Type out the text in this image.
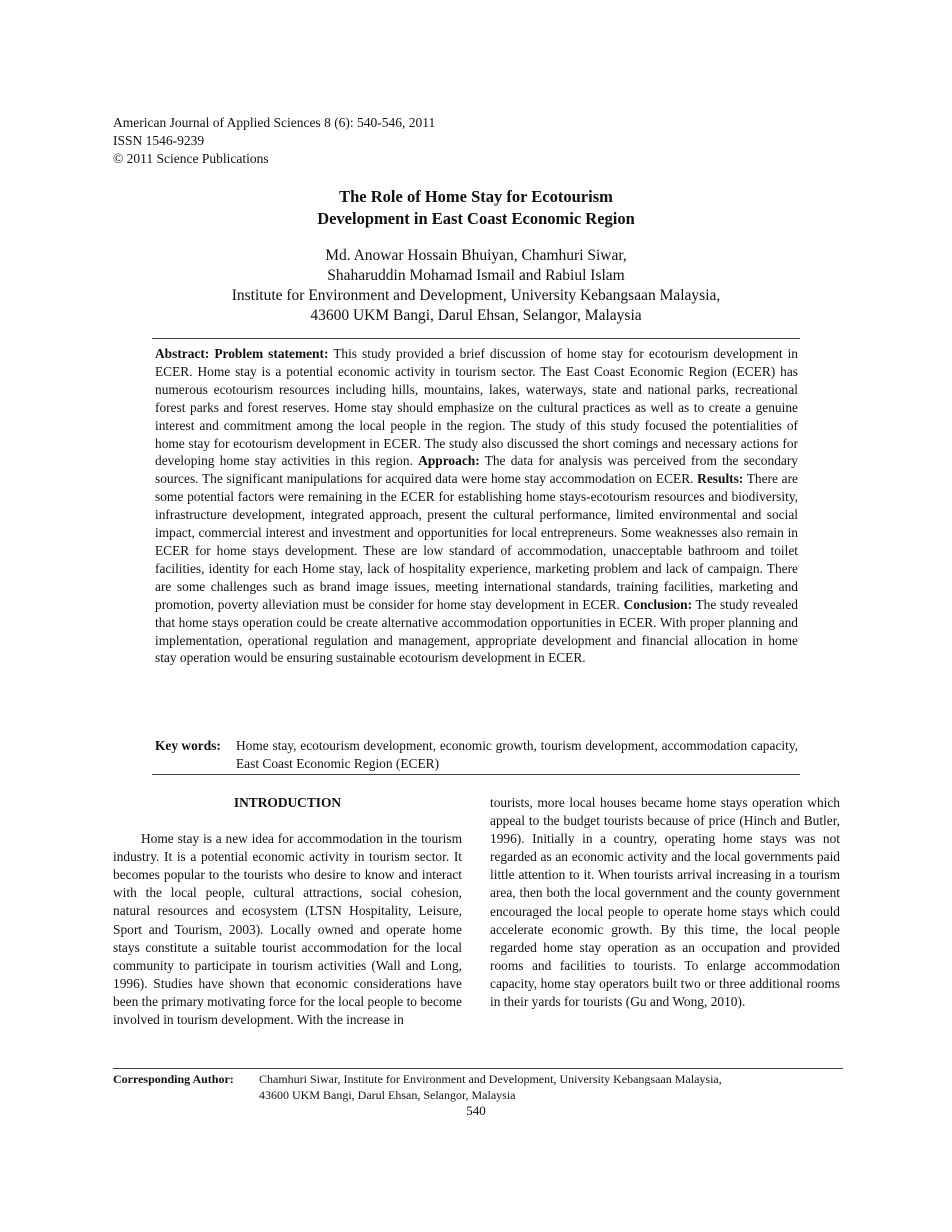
American Journal of Applied Sciences 8 (6): 540-546, 2011
ISSN 1546-9239
© 2011 Science Publications
The Role of Home Stay for Ecotourism
Development in East Coast Economic Region
Md. Anowar Hossain Bhuiyan, Chamhuri Siwar,
Shaharuddin Mohamad Ismail and Rabiul Islam
Institute for Environment and Development, University Kebangsaan Malaysia,
43600 UKM Bangi, Darul Ehsan, Selangor, Malaysia
Abstract: Problem statement: This study provided a brief discussion of home stay for ecotourism development in ECER. Home stay is a potential economic activity in tourism sector. The East Coast Economic Region (ECER) has numerous ecotourism resources including hills, mountains, lakes, waterways, state and national parks, recreational forest parks and forest reserves. Home stay should emphasize on the cultural practices as well as to create a genuine interest and commitment among the local people in the region. The study of this study focused the potentialities of home stay for ecotourism development in ECER. The study also discussed the short comings and necessary actions for developing home stay activities in this region. Approach: The data for analysis was perceived from the secondary sources. The significant manipulations for acquired data were home stay accommodation on ECER. Results: There are some potential factors were remaining in the ECER for establishing home stays-ecotourism resources and biodiversity, infrastructure development, integrated approach, present the cultural performance, limited environmental and social impact, commercial interest and investment and opportunities for local entrepreneurs. Some weaknesses also remain in ECER for home stays development. These are low standard of accommodation, unacceptable bathroom and toilet facilities, identity for each Home stay, lack of hospitality experience, marketing problem and lack of campaign. There are some challenges such as brand image issues, meeting international standards, training facilities, marketing and promotion, poverty alleviation must be consider for home stay development in ECER. Conclusion: The study revealed that home stays operation could be create alternative accommodation opportunities in ECER. With proper planning and implementation, operational regulation and management, appropriate development and financial allocation in home stay operation would be ensuring sustainable ecotourism development in ECER.
Key words: Home stay, ecotourism development, economic growth, tourism development, accommodation capacity, East Coast Economic Region (ECER)
INTRODUCTION
Home stay is a new idea for accommodation in the tourism industry. It is a potential economic activity in tourism sector. It becomes popular to the tourists who desire to know and interact with the local people, cultural attractions, social cohesion, natural resources and ecosystem (LTSN Hospitality, Leisure, Sport and Tourism, 2003). Locally owned and operate home stays constitute a suitable tourist accommodation for the local community to participate in tourism activities (Wall and Long, 1996). Studies have shown that economic considerations have been the primary motivating force for the local people to become involved in tourism development. With the increase in
tourists, more local houses became home stays operation which appeal to the budget tourists because of price (Hinch and Butler, 1996). Initially in a country, operating home stays was not regarded as an economic activity and the local governments paid little attention to it. When tourists arrival increasing in a tourism area, then both the local government and the county government encouraged the local people to operate home stays which could accelerate economic growth. By this time, the local people regarded home stay operation as an occupation and provided rooms and facilities to tourists. To enlarge accommodation capacity, home stay operators built two or three additional rooms in their yards for tourists (Gu and Wong, 2010).
Corresponding Author: Chamhuri Siwar, Institute for Environment and Development, University Kebangsaan Malaysia,
43600 UKM Bangi, Darul Ehsan, Selangor, Malaysia
540
